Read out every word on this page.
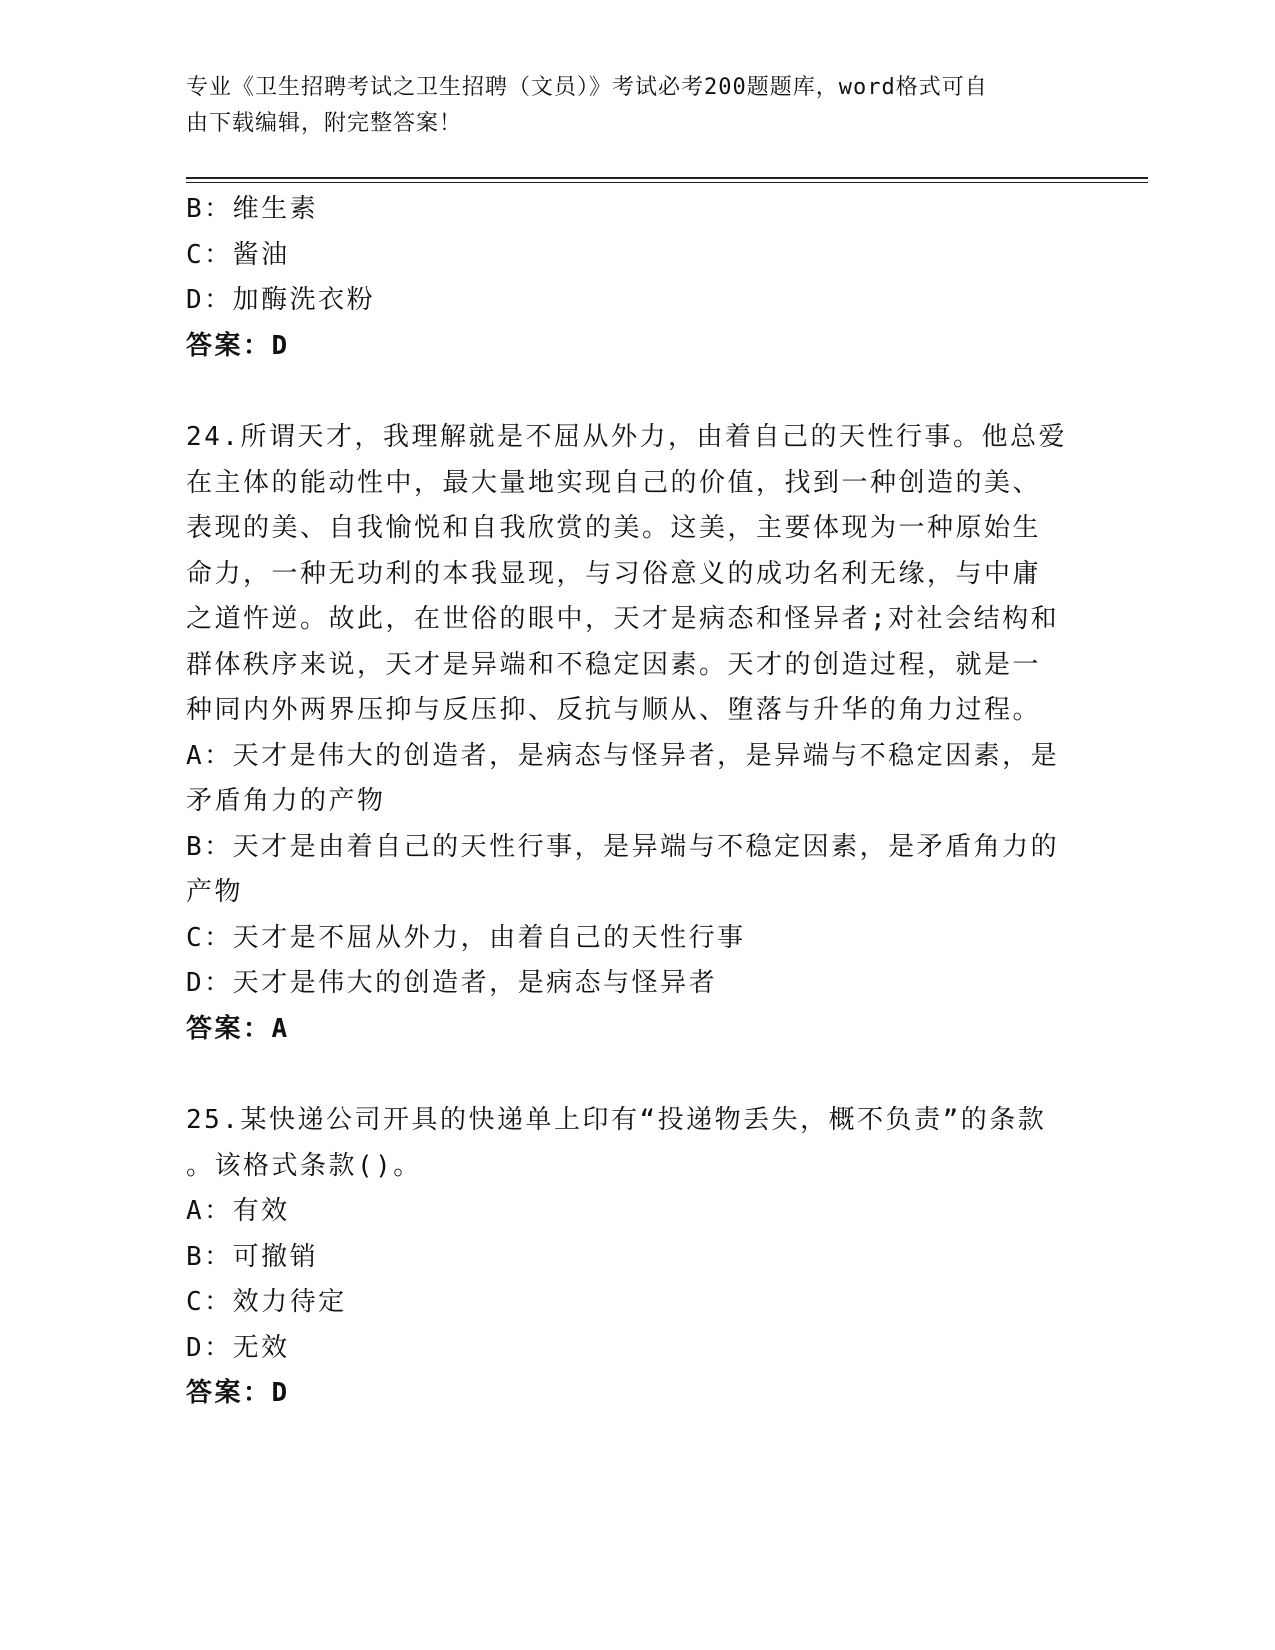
专业《卫生招聘考试之卫生招聘（文员）》考试必考200题题库，word格式可自
由下载编辑，附完整答案！
B：维生素
C：酱油
D：加酶洗衣粉
答案：D
24.所谓天才，我理解就是不屈从外力，由着自己的天性行事。他总爱
在主体的能动性中，最大量地实现自己的价值，找到一种创造的美、
表现的美、自我愉悦和自我欣赏的美。这美，主要体现为一种原始生
命力，一种无功利的本我显现，与习俗意义的成功名利无缘，与中庸
之道忤逆。故此，在世俗的眼中，天才是病态和怪异者;对社会结构和
群体秩序来说，天才是异端和不稳定因素。天才的创造过程，就是一
种同内外两界压抑与反压抑、反抗与顺从、堕落与升华的角力过程。
A：天才是伟大的创造者，是病态与怪异者，是异端与不稳定因素，是
矛盾角力的产物
B：天才是由着自己的天性行事，是异端与不稳定因素，是矛盾角力的
产物
C：天才是不屈从外力，由着自己的天性行事
D：天才是伟大的创造者，是病态与怪异者
答案：A
25.某快递公司开具的快递单上印有“投递物丢失，概不负责”的条款
。该格式条款()。
A：有效
B：可撤销
C：效力待定
D：无效
答案：D
